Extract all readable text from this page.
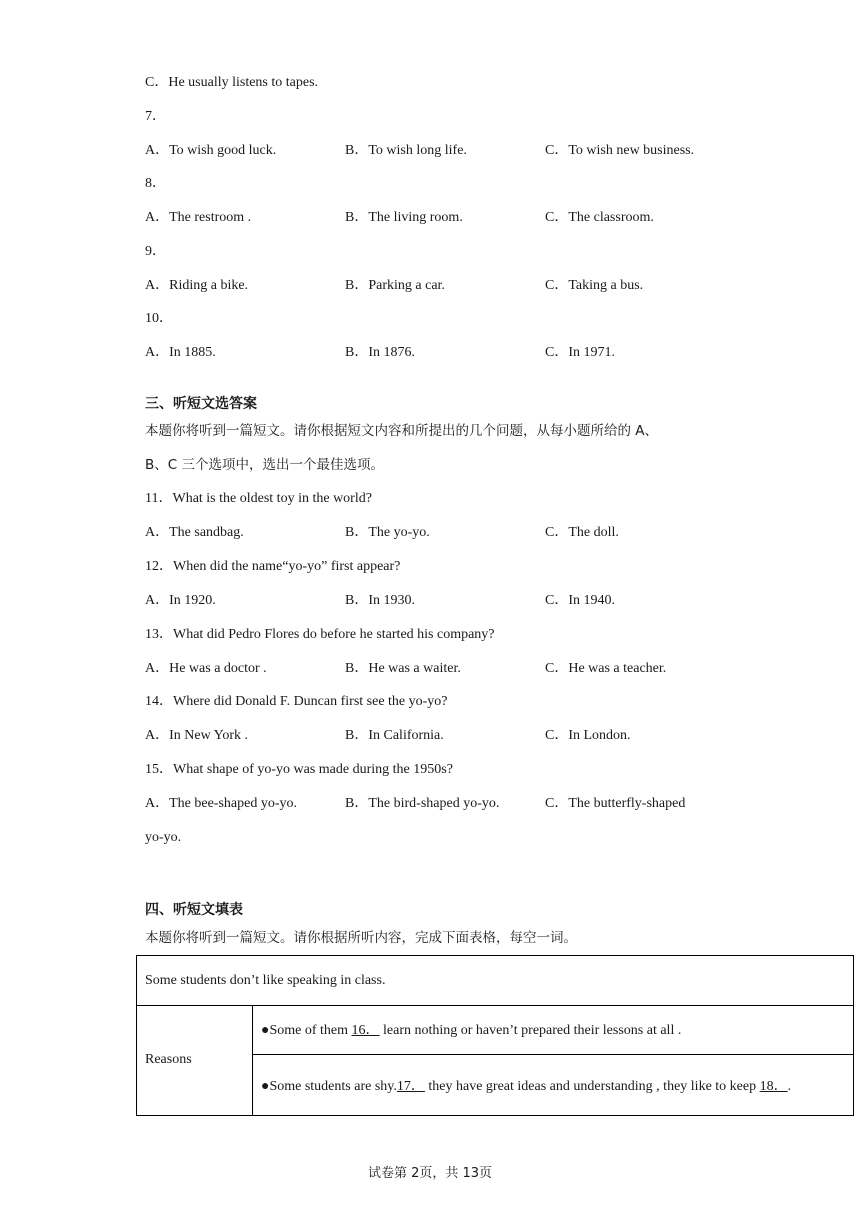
C．He usually listens to tapes.
7．
A．To wish good luck.	B．To wish long life.	C．To wish new business.
8．
A．The restroom .	B．The living room.	C．The classroom.
9．
A．Riding a bike.	B．Parking a car.	C．Taking a bus.
10．
A．In 1885.	B．In 1876.	C．In 1971.
三、听短文选答案
本题你将听到一篇短文。请你根据短文内容和所提出的几个问题，从每小题所给的 A、
B、C 三个选项中，选出一个最佳选项。
11．What is the oldest toy in the world?
A．The sandbag.	B．The yo-yo.	C．The doll.
12．When did the name“yo-yo” first appear?
A．In 1920.	B．In 1930.	C．In 1940.
13．What did Pedro Flores do before he started his company?
A．He was a doctor .	B．He was a waiter.	C．He was a teacher.
14．Where did Donald F. Duncan first see the yo-yo?
A．In New York .	B．In California.	C．In London.
15．What shape of yo-yo was made during the 1950s?
A．The bee-shaped yo-yo.	B．The bird-shaped yo-yo.	C．The butterfly-shaped
yo-yo.
四、听短文填表
本题你将听到一篇短文。请你根据所听内容，完成下面表格，每空一词。
Some students don’t like speaking in class.
Reasons
●Some of them 16． learn nothing or haven’t prepared their lessons at all .
●Some students are shy.17． they have great ideas and understanding , they like to keep 18．.
试卷第 2页，共 13页
